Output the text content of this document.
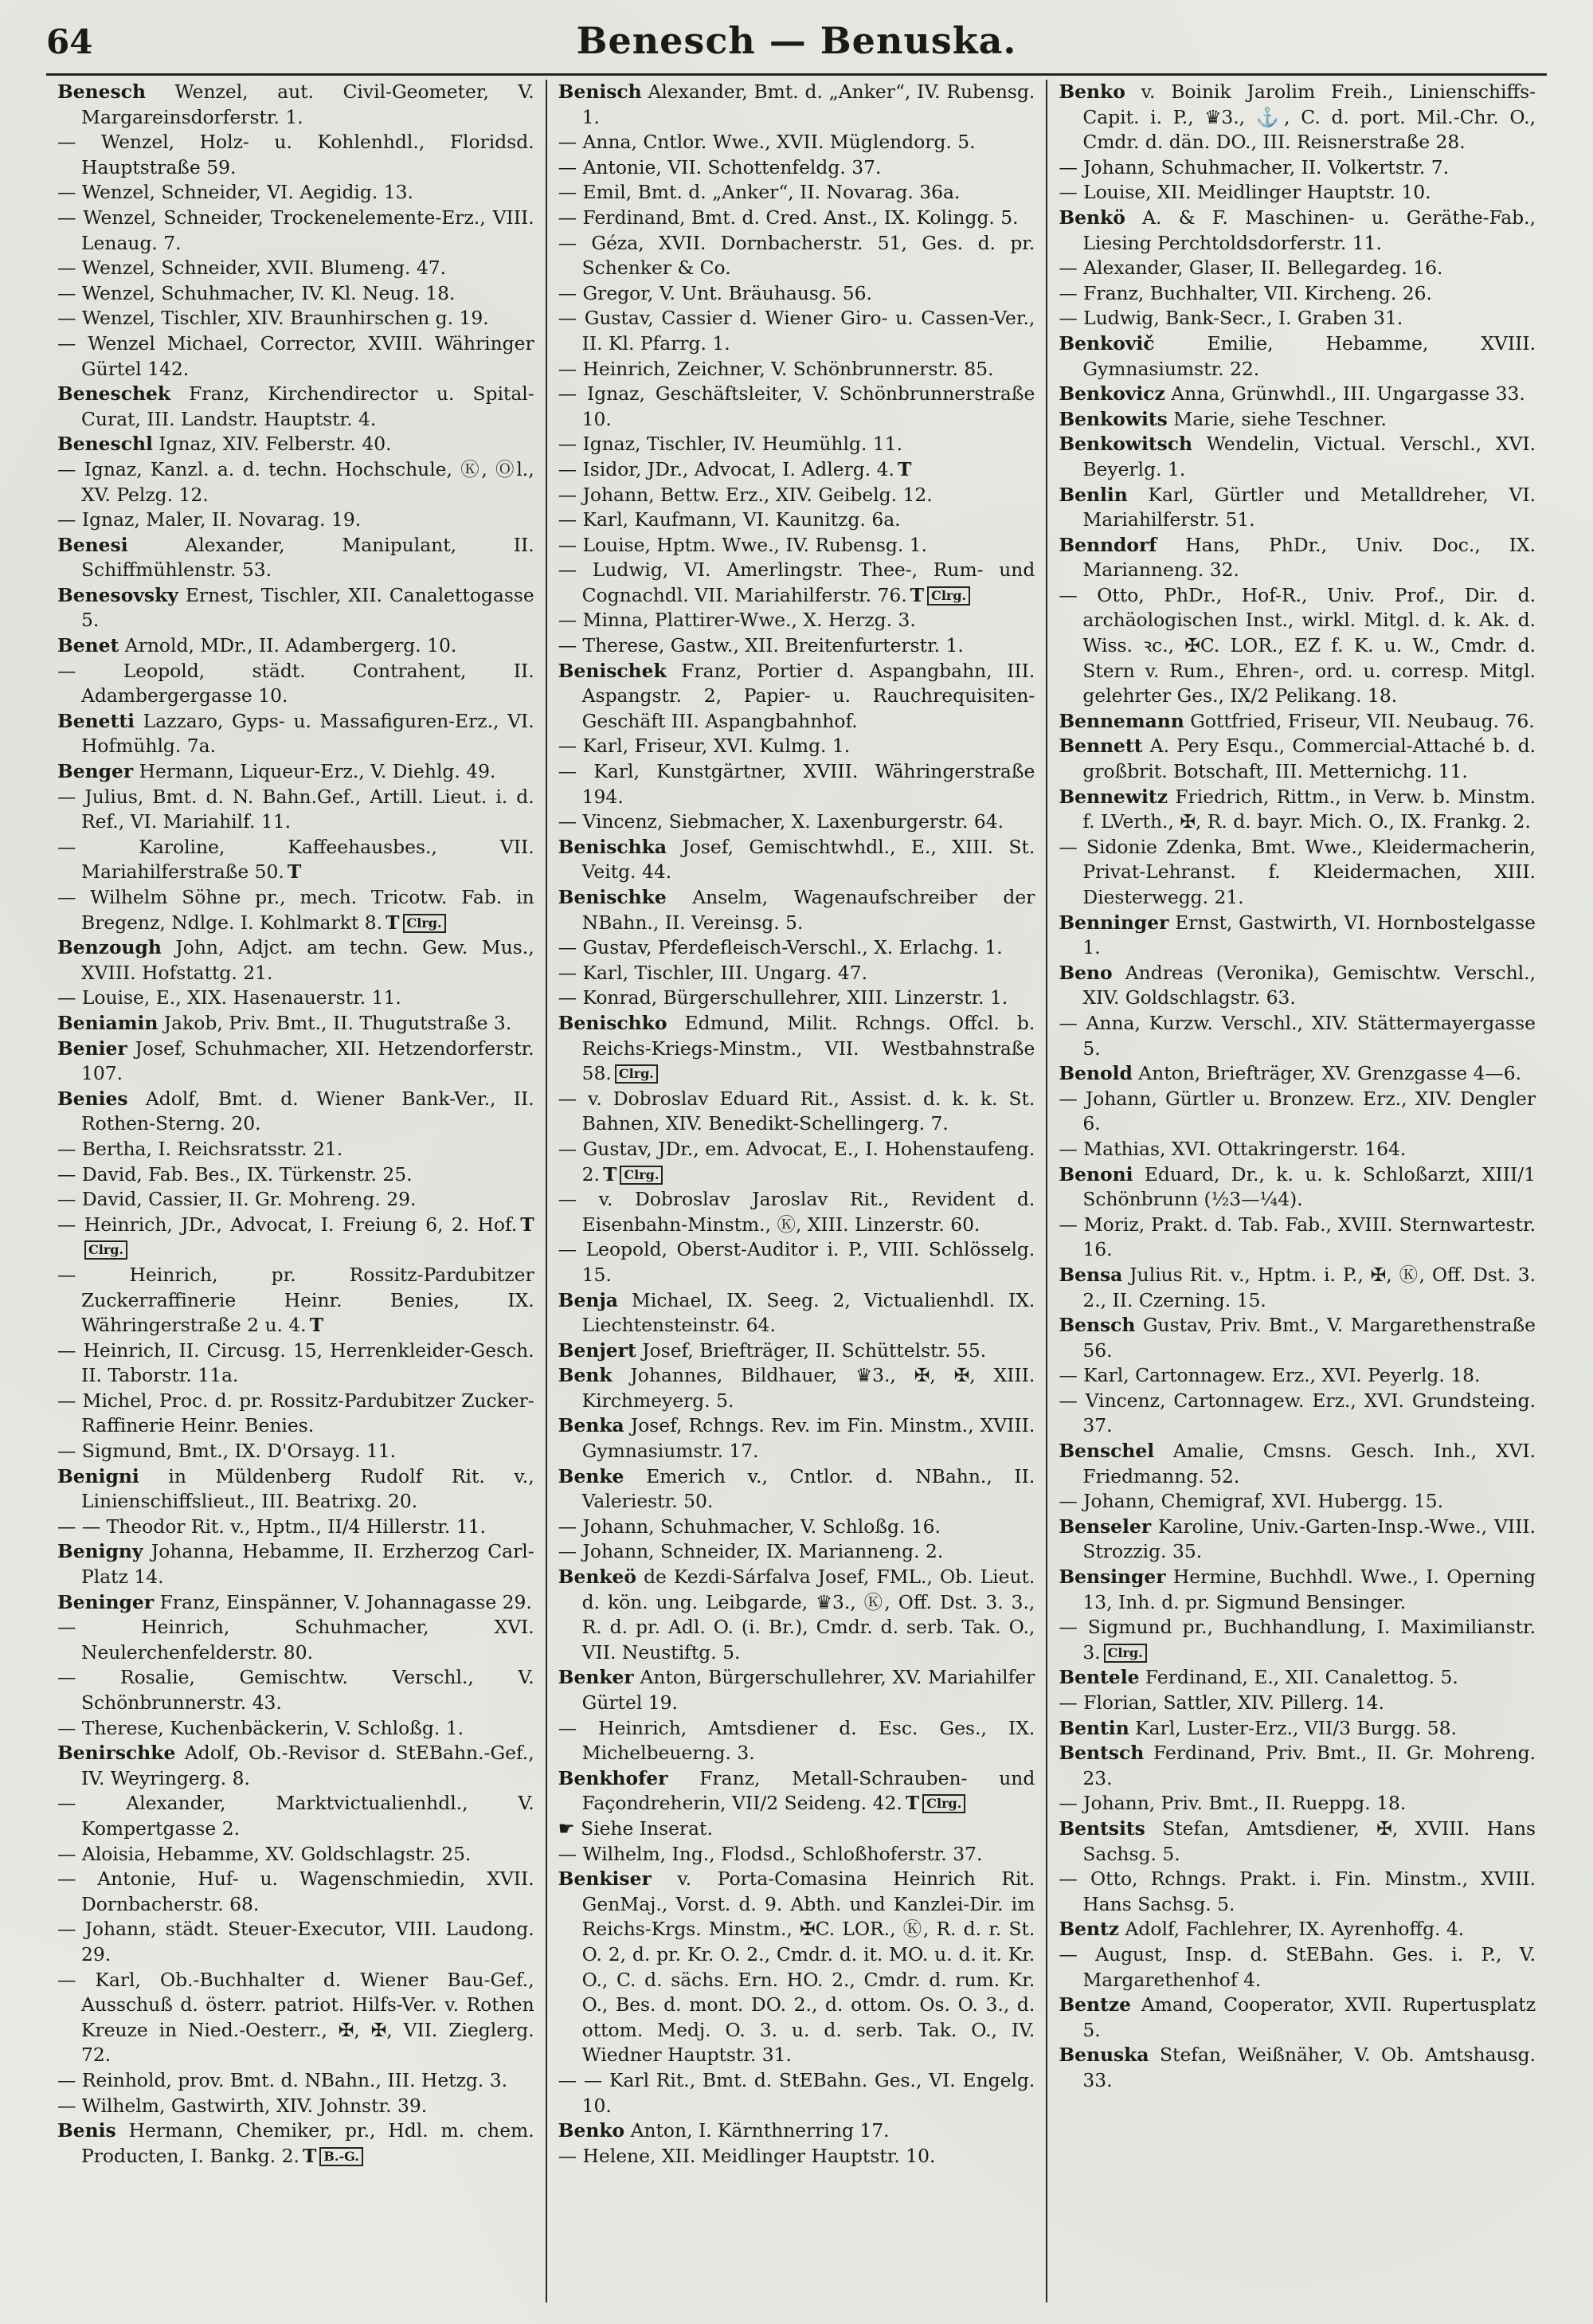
64	Benesch — Benuska.

Benesch Wenzel, aut. Civil-Geometer, V. Margareinsdorferstr. 1.

— Wenzel, Holz- u. Kohlenhdl., Floridsd. Hauptstraße 59.

— Wenzel, Schneider, VI. Aegidig. 13.

— Wenzel, Schneider, Trockenelemente-Erz., VIII. Lenaug. 7.

— Wenzel, Schneider, XVII. Blumeng. 47.

— Wenzel, Schuhmacher, IV. Kl. Neug. 18.

— Wenzel, Tischler, XIV. Braunhirschen g. 19.

— Wenzel Michael, Corrector, XVIII. Währinger Gürtel 142.

Beneschek Franz, Kirchendirector u. Spital-Curat, III. Landstr. Hauptstr. 4.

Beneschl Ignaz, XIV. Felberstr. 40.

— Ignaz, Kanzl. a. d. techn. Hochschule, Ⓚ, Ⓞl., XV. Pelzg. 12.

— Ignaz, Maler, II. Novarag. 19.

Benesi	Alexander, Manipulant, II. Schiffmühlenstr. 53.

Benesovsky Ernest, Tischler, XII. Canalettogasse 5.

Benet Arnold, MDr., II. Adambergerg. 10.

— Leopold, städt. Contrahent, II. Adambergergasse 10.

Benetti Lazzaro, Gyps- u. Massafiguren-Erz., VI. Hofmühlg. 7a.

Benger Hermann, Liqueur-Erz., V. Diehlg. 49.

— Julius, Bmt. d. N. Bahn.Gef., Artill. Lieut. i. d. Ref., VI. Mariahilf. 11.

— Karoline, Kaffeehausbes., VII. Mariahilferstraße 50. T

— Wilhelm Söhne pr., mech. Tricotw. Fab. in Bregenz, Ndlge. I. Kohlmarkt 8. T Clrg.

Benzough John, Adjct. am techn. Gew. Mus., XVIII. Hofstattg. 21.

— Louise, E., XIX. Hasenauerstr. 11.

Beniamin Jakob, Priv. Bmt., II. Thugutstraße 3.

Benier Josef, Schuhmacher, XII. Hetzendorferstr. 107.

Benies Adolf, Bmt. d. Wiener Bank-Ver., II. Rothen-Sterng. 20.

— Bertha, I. Reichsratsstr. 21.

— David, Fab. Bes., IX. Türkenstr. 25.

— David, Cassier, II. Gr. Mohreng. 29.

— Heinrich, JDr., Advocat, I. Freiung 6, 2. Hof. TClrg.

— Heinrich, pr. Rossitz-Pardubitzer Zuckerraffinerie Heinr. Benies, IX. Währingerstraße 2 u. 4. T

— Heinrich, II. Circusg. 15, Herrenkleider-Gesch. II. Taborstr. 11a.

— Michel, Proc. d. pr. Rossitz-Pardubitzer Zucker-Raffinerie Heinr. Benies.

— Sigmund, Bmt., IX. D'Orsayg. 11.

Benigni in Müldenberg Rudolf Rit. v., Linienschiffslieut., III. Beatrixg. 20.

— — Theodor Rit. v., Hptm., II/4 Hillerstr. 11.

Benigny Johanna, Hebamme, II. Erzherzog Carl-Platz 14.

Beninger Franz, Einspänner, V. Johannagasse 29.

— Heinrich, Schuhmacher, XVI. Neulerchenfelderstr. 80.

— Rosalie, Gemischtw. Verschl., V. Schönbrunnerstr. 43.

— Therese, Kuchenbäckerin, V. Schloßg. 1.

Benirschke Adolf, Ob.-Revisor d. StEBahn.-Gef., IV. Weyringerg. 8.

— Alexander, Marktvictualienhdl., V. Kompertgasse 2.

— Aloisia, Hebamme, XV. Goldschlagstr. 25.

— Antonie, Huf- u. Wagenschmiedin, XVII. Dornbacherstr. 68.

— Johann, städt. Steuer-Executor, VIII. Laudong. 29.

— Karl, Ob.-Buchhalter d. Wiener Bau-Gef., Ausschuß d. österr. patriot. Hilfs-Ver. v. Rothen Kreuze in Nied.-Oesterr., ✠, ✠, VII. Zieglerg. 72.

— Reinhold, prov. Bmt. d. NBahn., III. Hetzg. 3.

— Wilhelm, Gastwirth, XIV. Johnstr. 39.

Benis Hermann, Chemiker, pr., Hdl. m. chem. Producten, I. Bankg. 2. T B.-G.

Benisch Alexander, Bmt. d. „Anker“, IV. Rubensg. 1.

— Anna, Cntlor. Wwe., XVII. Müglendorg. 5.

— Antonie, VII. Schottenfeldg. 37.

— Emil, Bmt. d. „Anker“, II. Novarag. 36a.

— Ferdinand, Bmt. d. Cred. Anst., IX. Kolingg. 5.

— Géza, XVII. Dornbacherstr. 51, Ges. d. pr. Schenker & Co.

— Gregor, V. Unt. Bräuhausg. 56.

— Gustav, Cassier d. Wiener Giro- u. Cassen-Ver., II. Kl. Pfarrg. 1.

— Heinrich, Zeichner, V. Schönbrunnerstr. 85.

— Ignaz, Geschäftsleiter, V. Schönbrunnerstraße 10.

— Ignaz, Tischler, IV. Heumühlg. 11.

— Isidor, JDr., Advocat, I. Adlerg. 4. T

— Johann, Bettw. Erz., XIV. Geibelg. 12.

— Karl, Kaufmann, VI. Kaunitzg. 6a.

— Louise, Hptm. Wwe., IV. Rubensg. 1.

— Ludwig, VI. Amerlingstr. Thee-, Rum- und Cognachdl. VII. Mariahilferstr. 76. T Clrg.

— Minna, Plattirer-Wwe., X. Herzg. 3.

— Therese, Gastw., XII. Breitenfurterstr. 1.

Benischek Franz, Portier d. Aspangbahn, III. Aspangstr. 2, Papier- u. Rauchrequisiten-Geschäft III. Aspangbahnhof.

— Karl, Friseur, XVI. Kulmg. 1.

— Karl, Kunstgärtner, XVIII. Währingerstraße 194.

— Vincenz, Siebmacher, X. Laxenburgerstr. 64.

Benischka Josef, Gemischtwhdl., E., XIII. St. Veitg. 44.

Benischke Anselm, Wagenaufschreiber der NBahn., II. Vereinsg. 5.

— Gustav, Pferdefleisch-Verschl., X. Erlachg. 1.

— Karl, Tischler, III. Ungarg. 47.

— Konrad, Bürgerschullehrer, XIII. Linzerstr. 1.

Benischko Edmund, Milit. Rchngs. Offcl. b. Reichs-Kriegs-Minstm., VII. Westbahnstraße 58. Clrg.

— v. Dobroslav Eduard Rit., Assist. d. k. k. St. Bahnen, XIV. Benedikt-Schellingerg. 7.

— Gustav, JDr., em. Advocat, E., I. Hohenstaufeng. 2. T Clrg.

— v. Dobroslav Jaroslav Rit., Revident d. Eisenbahn-Minstm., Ⓚ, XIII. Linzerstr. 60.

— Leopold, Oberst-Auditor i. P., VIII. Schlösselg. 15.

Benja Michael, IX. Seeg. 2, Victualienhdl. IX. Liechtensteinstr. 64.

Benjert Josef, Briefträger, II. Schüttelstr. 55.

Benk Johannes, Bildhauer, ♛3., ✠, ✠, XIII. Kirchmeyerg. 5.

Benka Josef, Rchngs. Rev. im Fin. Minstm., XVIII. Gymnasiumstr. 17.

Benke Emerich v., Cntlor. d. NBahn., II. Valeriestr. 50.

— Johann, Schuhmacher, V. Schloßg. 16.

— Johann, Schneider, IX. Marianneng. 2.

Benkeö de Kezdi-Sárfalva Josef, FML., Ob. Lieut. d. kön. ung. Leibgarde, ♛3., Ⓚ, Off. Dst. 3. 3., R. d. pr. Adl. O. (i. Br.), Cmdr. d. serb. Tak. O., VII. Neustiftg. 5.

Benker Anton, Bürgerschullehrer, XV. Mariahilfer Gürtel 19.

— Heinrich, Amtsdiener d. Esc. Ges., IX. Michelbeuerng. 3.

Benkhofer Franz, Metall-Schrauben- und Façondreherin, VII/2 Seideng. 42. T Clrg.

☛ Siehe Inserat.

— Wilhelm, Ing., Flodsd., Schloßhoferstr. 37.

Benkiser v. Porta-Comasina Heinrich Rit. GenMaj., Vorst. d. 9. Abth. und Kanzlei-Dir. im Reichs-Krgs. Minstm., ✠C. LOR., Ⓚ, R. d. r. St. O. 2, d. pr. Kr. O. 2., Cmdr. d. it. MO. u. d. it. Kr. O., C. d. sächs. Ern. HO. 2., Cmdr. d. rum. Kr. O., Bes. d. mont. DO. 2., d. ottom. Os. O. 3., d. ottom. Medj. O. 3. u. d. serb. Tak. O., IV. Wiedner Hauptstr. 31.

— — Karl Rit., Bmt. d. StEBahn. Ges., VI. Engelg. 10.

Benko Anton, I. Kärnthnerring 17.

— Helene, XII. Meidlinger Hauptstr. 10.

Benko v. Boinik Jarolim Freih., Linienschiffs-Capit. i. P., ♛3., ⚓, C. d. port. Mil.-Chr. O., Cmdr. d. dän. DO., III. Reisnerstraße 28.

— Johann, Schuhmacher, II. Volkertstr. 7.

— Louise, XII. Meidlinger Hauptstr. 10.

Benkö A. & F. Maschinen- u. Geräthe-Fab., Liesing Perchtoldsdorferstr. 11.

— Alexander, Glaser, II. Bellegardeg. 16.

— Franz, Buchhalter, VII. Kircheng. 26.

— Ludwig, Bank-Secr., I. Graben 31.

Benkovič	Emilie, Hebamme, XVIII. Gymnasiumstr. 22.

Benkovicz Anna, Grünwhdl., III. Ungargasse 33.

Benkowits Marie, siehe Teschner.

Benkowitsch Wendelin, Victual. Verschl., XVI. Beyerlg. 1.

Benlin Karl, Gürtler und Metalldreher, VI. Mariahilferstr. 51.

Benndorf Hans, PhDr., Univ. Doc., IX. Marianneng. 32.

— Otto, PhDr., Hof-R., Univ. Prof., Dir. d. archäologischen Inst., wirkl. Mitgl. d. k. Ak. d. Wiss. ꝛc., ✠C. LOR., EZ f. K. u. W., Cmdr. d. Stern v. Rum., Ehren-, ord. u. corresp. Mitgl. gelehrter Ges., IX/2 Pelikang. 18.

Bennemann Gottfried, Friseur, VII. Neubaug. 76.

Bennett A. Pery Esqu., Commercial-Attaché b. d. großbrit. Botschaft, III. Metternichg. 11.

Bennewitz Friedrich, Rittm., in Verw. b. Minstm. f. LVerth., ✠, R. d. bayr. Mich. O., IX. Frankg. 2.

— Sidonie Zdenka, Bmt. Wwe., Kleidermacherin, Privat-Lehranst. f. Kleidermachen, XIII. Diesterwegg. 21.

Benninger Ernst, Gastwirth, VI. Hornbostelgasse 1.

Beno Andreas (Veronika), Gemischtw. Verschl., XIV. Goldschlagstr. 63.

— Anna, Kurzw. Verschl., XIV. Stättermayergasse 5.

Benold Anton, Briefträger, XV. Grenzgasse 4—6.

— Johann, Gürtler u. Bronzew. Erz., XIV. Dengler 6.

— Mathias, XVI. Ottakringerstr. 164.

Benoni Eduard, Dr., k. u. k. Schloßarzt, XIII/1 Schönbrunn (½3—¼4).

— Moriz, Prakt. d. Tab. Fab., XVIII. Sternwartestr. 16.

Bensa Julius Rit. v., Hptm. i. P., ✠, Ⓚ, Off. Dst. 3. 2., II. Czerning. 15.

Bensch Gustav, Priv. Bmt., V. Margarethenstraße 56.

— Karl, Cartonnagew. Erz., XVI. Peyerlg. 18.

— Vincenz, Cartonnagew. Erz., XVI. Grundsteing. 37.

Benschel Amalie, Cmsns. Gesch. Inh., XVI. Friedmanng. 52.

— Johann, Chemigraf, XVI. Hubergg. 15.

Benseler Karoline, Univ.-Garten-Insp.-Wwe., VIII. Strozzig. 35.

Bensinger Hermine, Buchhdl. Wwe., I. Operning 13, Inh. d. pr. Sigmund Bensinger.

— Sigmund pr., Buchhandlung, I. Maximilianstr. 3. Clrg.

Bentele Ferdinand, E., XII. Canalettog. 5.

— Florian, Sattler, XIV. Pillerg. 14.

Bentin Karl, Luster-Erz., VII/3 Burgg. 58.

Bentsch Ferdinand, Priv. Bmt., II. Gr. Mohreng. 23.

— Johann, Priv. Bmt., II. Rueppg. 18.

Bentsits Stefan, Amtsdiener, ✠, XVIII. Hans Sachsg. 5.

— Otto, Rchngs. Prakt. i. Fin. Minstm., XVIII. Hans Sachsg. 5.

Bentz Adolf, Fachlehrer, IX. Ayrenhoffg. 4.

— August, Insp. d. StEBahn. Ges. i. P., V. Margarethenhof 4.

Bentze Amand, Cooperator, XVII. Rupertusplatz 5.

Benuska Stefan, Weißnäher, V. Ob. Amtshausg. 33.
